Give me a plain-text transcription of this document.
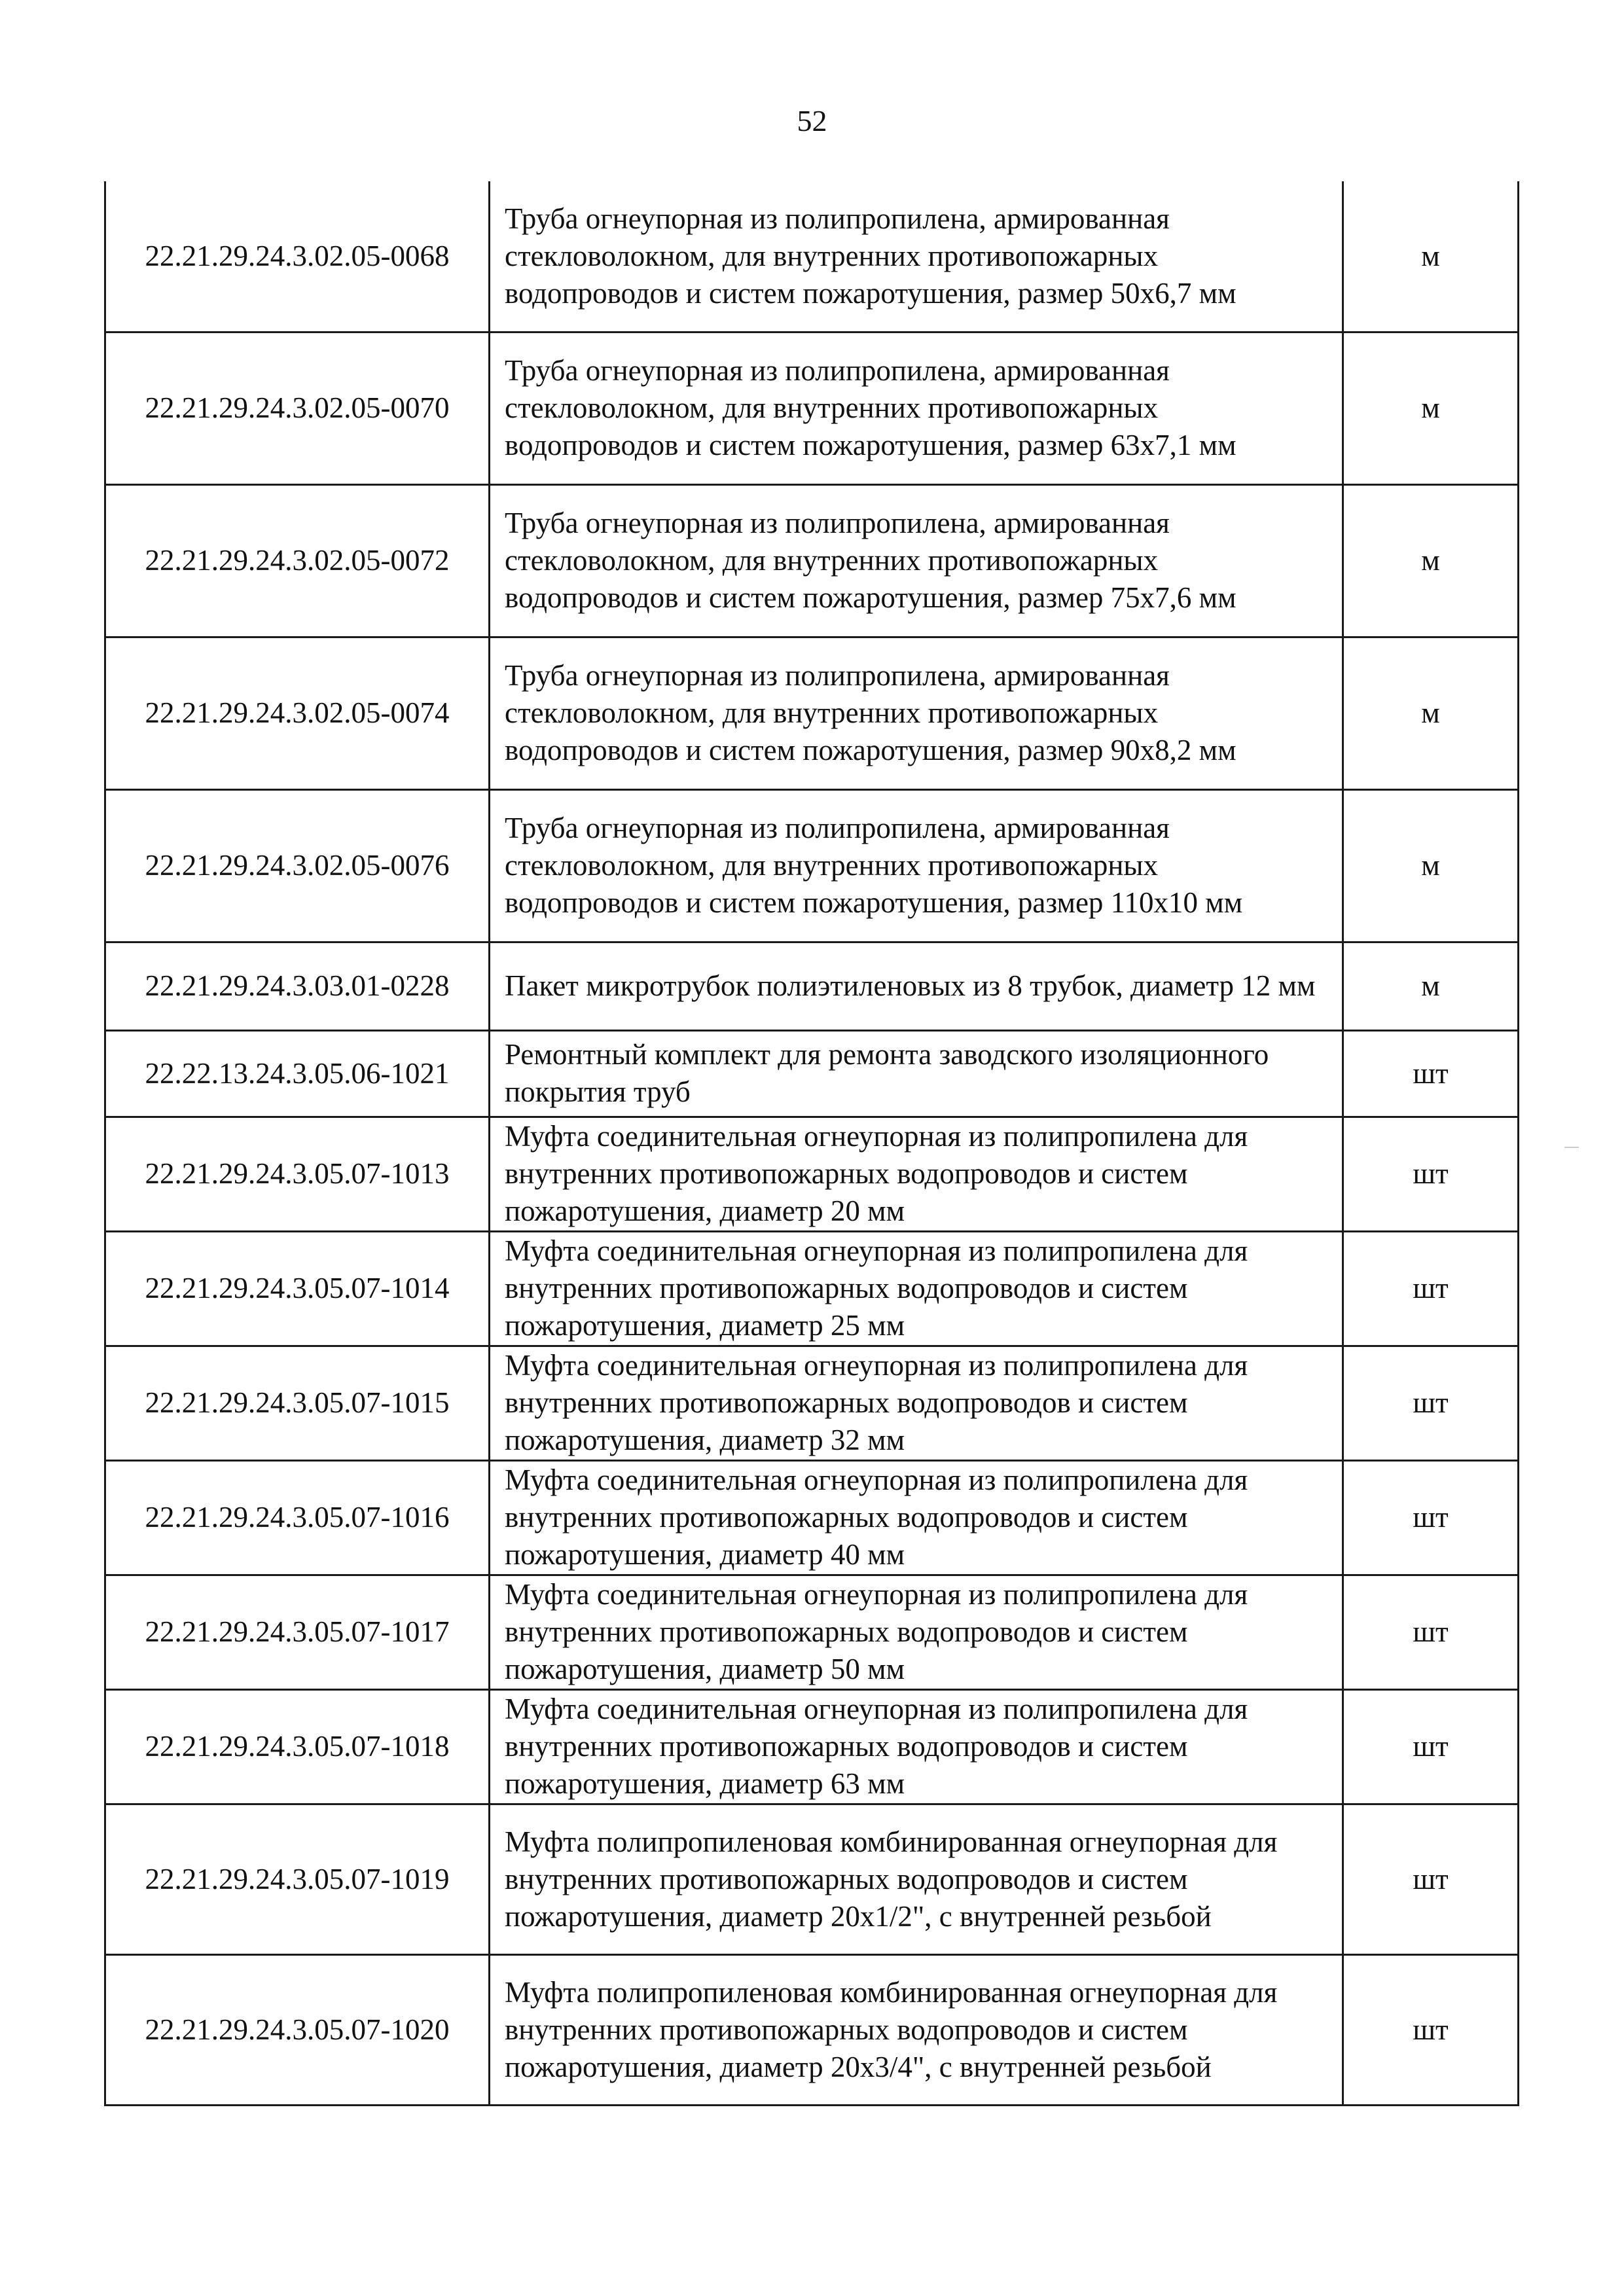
52
22.21.29.24.3.02.05-0068	Труба огнеупорная из полипропилена, армированная стекловолокном, для внутренних противопожарных водопроводов и систем пожаротушения, размер 50х6,7 мм	м
22.21.29.24.3.02.05-0070	Труба огнеупорная из полипропилена, армированная стекловолокном, для внутренних противопожарных водопроводов и систем пожаротушения, размер 63х7,1 мм	м
22.21.29.24.3.02.05-0072	Труба огнеупорная из полипропилена, армированная стекловолокном, для внутренних противопожарных водопроводов и систем пожаротушения, размер 75х7,6 мм	м
22.21.29.24.3.02.05-0074	Труба огнеупорная из полипропилена, армированная стекловолокном, для внутренних противопожарных водопроводов и систем пожаротушения, размер 90х8,2 мм	м
22.21.29.24.3.02.05-0076	Труба огнеупорная из полипропилена, армированная стекловолокном, для внутренних противопожарных водопроводов и систем пожаротушения, размер 110х10 мм	м
22.21.29.24.3.03.01-0228	Пакет микротрубок полиэтиленовых из 8 трубок, диаметр 12 мм	м
22.22.13.24.3.05.06-1021	Ремонтный комплект для ремонта заводского изоляционного покрытия труб	шт
22.21.29.24.3.05.07-1013	Муфта соединительная огнеупорная из полипропилена для внутренних противопожарных водопроводов и систем пожаротушения, диаметр 20 мм	шт
22.21.29.24.3.05.07-1014	Муфта соединительная огнеупорная из полипропилена для внутренних противопожарных водопроводов и систем пожаротушения, диаметр 25 мм	шт
22.21.29.24.3.05.07-1015	Муфта соединительная огнеупорная из полипропилена для внутренних противопожарных водопроводов и систем пожаротушения, диаметр 32 мм	шт
22.21.29.24.3.05.07-1016	Муфта соединительная огнеупорная из полипропилена для внутренних противопожарных водопроводов и систем пожаротушения, диаметр 40 мм	шт
22.21.29.24.3.05.07-1017	Муфта соединительная огнеупорная из полипропилена для внутренних противопожарных водопроводов и систем пожаротушения, диаметр 50 мм	шт
22.21.29.24.3.05.07-1018	Муфта соединительная огнеупорная из полипропилена для внутренних противопожарных водопроводов и систем пожаротушения, диаметр 63 мм	шт
22.21.29.24.3.05.07-1019	Муфта полипропиленовая комбинированная огнеупорная для внутренних противопожарных водопроводов и систем пожаротушения, диаметр 20х1/2", с внутренней резьбой	шт
22.21.29.24.3.05.07-1020	Муфта полипропиленовая комбинированная огнеупорная для внутренних противопожарных водопроводов и систем пожаротушения, диаметр 20х3/4", с внутренней резьбой	шт
